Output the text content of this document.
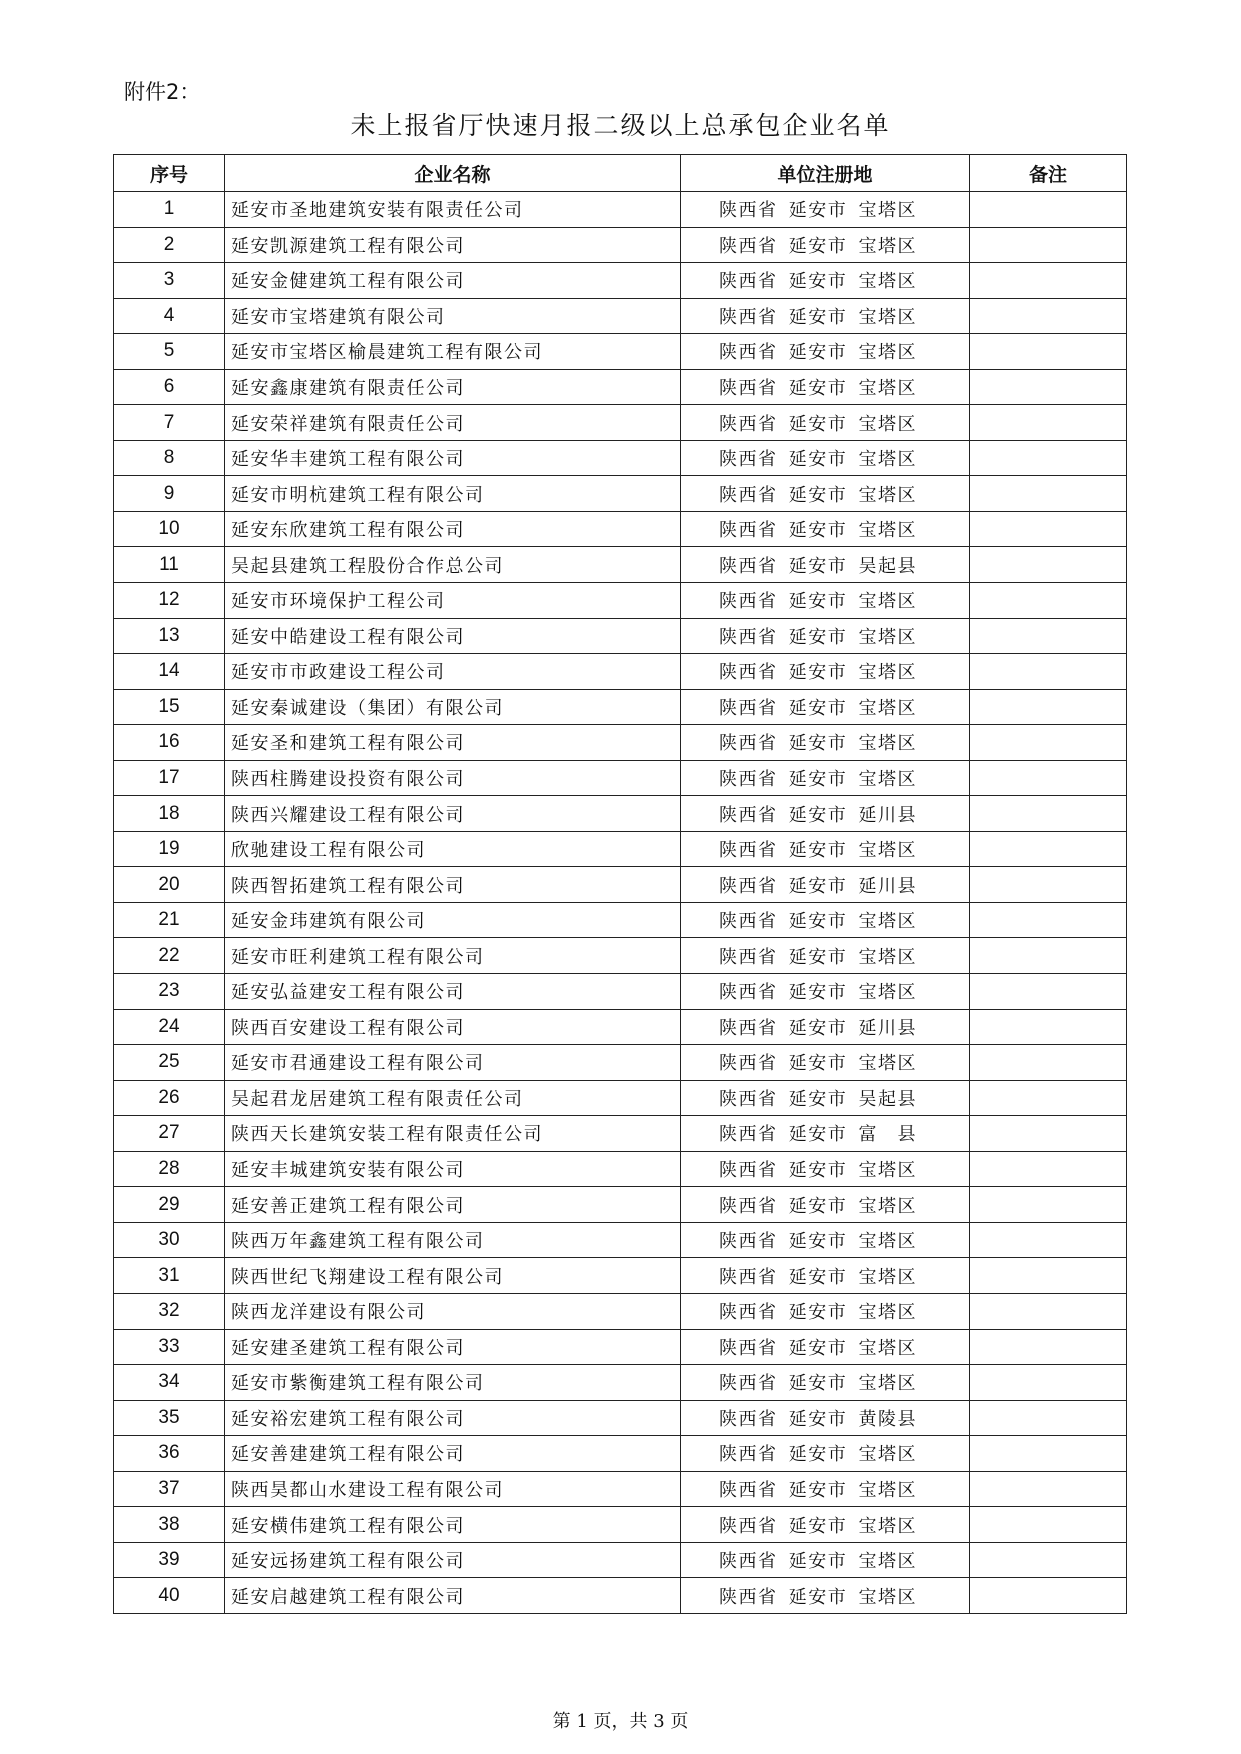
附件2：
未上报省厅快速月报二级以上总承包企业名单
序号	企业名称	单位注册地	备注
1	延安市圣地建筑安装有限责任公司	陕西省 延安市 宝塔区	
2	延安凯源建筑工程有限公司	陕西省 延安市 宝塔区	
3	延安金健建筑工程有限公司	陕西省 延安市 宝塔区	
4	延安市宝塔建筑有限公司	陕西省 延安市 宝塔区	
5	延安市宝塔区榆晨建筑工程有限公司	陕西省 延安市 宝塔区	
6	延安鑫康建筑有限责任公司	陕西省 延安市 宝塔区	
7	延安荣祥建筑有限责任公司	陕西省 延安市 宝塔区	
8	延安华丰建筑工程有限公司	陕西省 延安市 宝塔区	
9	延安市明杭建筑工程有限公司	陕西省 延安市 宝塔区	
10	延安东欣建筑工程有限公司	陕西省 延安市 宝塔区	
11	吴起县建筑工程股份合作总公司	陕西省 延安市 吴起县	
12	延安市环境保护工程公司	陕西省 延安市 宝塔区	
13	延安中皓建设工程有限公司	陕西省 延安市 宝塔区	
14	延安市市政建设工程公司	陕西省 延安市 宝塔区	
15	延安秦诚建设（集团）有限公司	陕西省 延安市 宝塔区	
16	延安圣和建筑工程有限公司	陕西省 延安市 宝塔区	
17	陕西柱腾建设投资有限公司	陕西省 延安市 宝塔区	
18	陕西兴耀建设工程有限公司	陕西省 延安市 延川县	
19	欣驰建设工程有限公司	陕西省 延安市 宝塔区	
20	陕西智拓建筑工程有限公司	陕西省 延安市 延川县	
21	延安金玮建筑有限公司	陕西省 延安市 宝塔区	
22	延安市旺利建筑工程有限公司	陕西省 延安市 宝塔区	
23	延安弘益建安工程有限公司	陕西省 延安市 宝塔区	
24	陕西百安建设工程有限公司	陕西省 延安市 延川县	
25	延安市君通建设工程有限公司	陕西省 延安市 宝塔区	
26	吴起君龙居建筑工程有限责任公司	陕西省 延安市 吴起县	
27	陕西天长建筑安装工程有限责任公司	陕西省 延安市 富　县	
28	延安丰城建筑安装有限公司	陕西省 延安市 宝塔区	
29	延安善正建筑工程有限公司	陕西省 延安市 宝塔区	
30	陕西万年鑫建筑工程有限公司	陕西省 延安市 宝塔区	
31	陕西世纪飞翔建设工程有限公司	陕西省 延安市 宝塔区	
32	陕西龙洋建设有限公司	陕西省 延安市 宝塔区	
33	延安建圣建筑工程有限公司	陕西省 延安市 宝塔区	
34	延安市紫衡建筑工程有限公司	陕西省 延安市 宝塔区	
35	延安裕宏建筑工程有限公司	陕西省 延安市 黄陵县	
36	延安善建建筑工程有限公司	陕西省 延安市 宝塔区	
37	陕西昊都山水建设工程有限公司	陕西省 延安市 宝塔区	
38	延安横伟建筑工程有限公司	陕西省 延安市 宝塔区	
39	延安远扬建筑工程有限公司	陕西省 延安市 宝塔区	
40	延安启越建筑工程有限公司	陕西省 延安市 宝塔区	
第 1 页，共 3 页
